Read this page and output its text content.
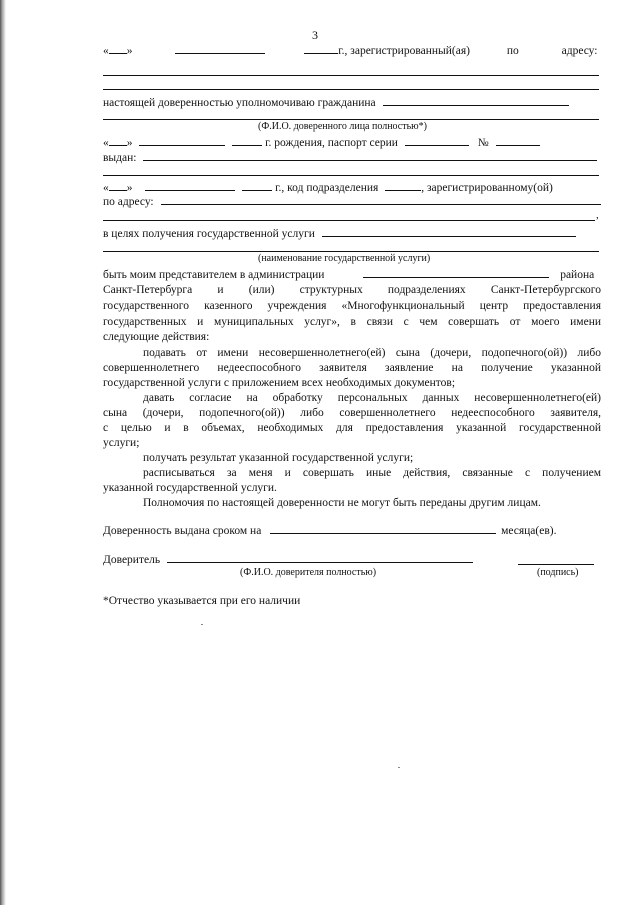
3
« »	г., зарегистрированный(ая)	по	адресу:
настоящей доверенностью уполномочиваю гражданина
(Ф.И.О. доверенного лица полностью*)
« »	г. рождения, паспорт серии	№
выдан:
« »	г., код подразделения	, зарегистрированному(ой)
по адресу:
,
в целях получения государственной услуги
(наименование государственной услуги)
быть моим представителем в администрации	района
Санкт-Петербурга и (или) структурных подразделениях Санкт-Петербургского
государственного казенного учреждения «Многофункциональный центр предоставления
государственных и муниципальных услуг», в связи с чем совершать от моего имени
следующие действия:
подавать от имени несовершеннолетнего(ей) сына (дочери, подопечного(ой)) либо
совершеннолетнего недееспособного заявителя заявление на получение указанной
государственной услуги с приложением всех необходимых документов;
давать согласие на обработку персональных данных несовершеннолетнего(ей)
сына (дочери, подопечного(ой)) либо совершеннолетнего недееспособного заявителя,
с целью и в объемах, необходимых для предоставления указанной государственной
услуги;
получать результат указанной государственной услуги;
расписываться за меня и совершать иные действия, связанные с получением
указанной государственной услуги.
Полномочия по настоящей доверенности не могут быть переданы другим лицам.
Доверенность выдана сроком на	месяца(ев).
Доверитель
(Ф.И.О. доверителя полностью)	(подпись)
*Отчество указывается при его наличии
